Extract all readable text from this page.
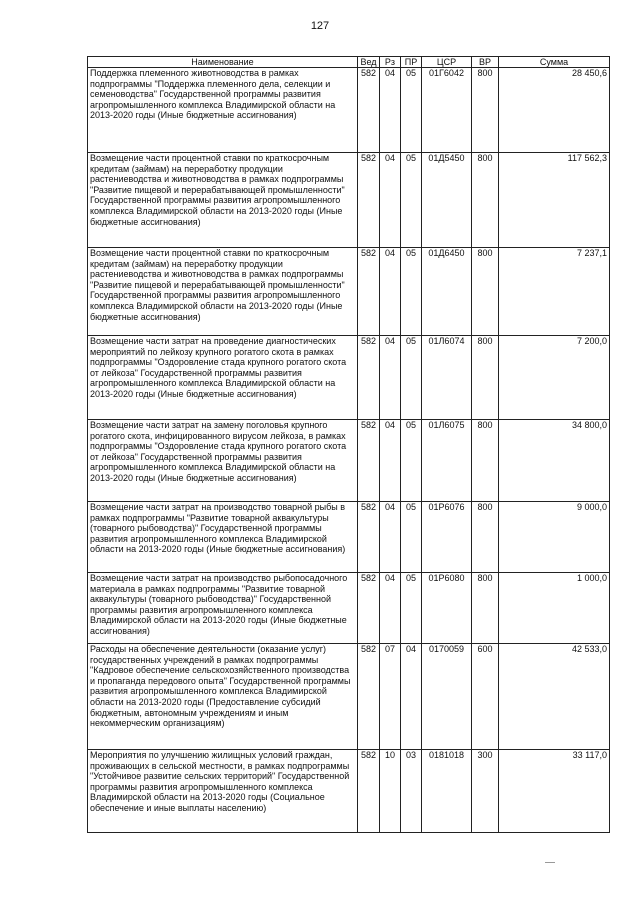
127
Наименование	Вед	Рз	ПР	ЦСР	ВР	Сумма
Поддержка племенного животноводства в рамках подпрограммы "Поддержка племенного дела, селекции и семеноводства" Государственной программы развития агропромышленного комплекса Владимирской области на 2013-2020 годы (Иные бюджетные ассигнования)	582	04	05	01Г6042	800	28 450,6
Возмещение части процентной ставки по краткосрочным кредитам (займам) на переработку продукции растениеводства и животноводства в рамках подпрограммы "Развитие пищевой и перерабатывающей промышленности" Государственной программы развития агропромышленного комплекса Владимирской области на 2013-2020 годы (Иные бюджетные ассигнования)	582	04	05	01Д5450	800	117 562,3
Возмещение части процентной ставки по краткосрочным кредитам (займам) на переработку продукции растениеводства и животноводства в рамках подпрограммы "Развитие пищевой и перерабатывающей промышленности" Государственной программы развития агропромышленного комплекса Владимирской области на 2013-2020 годы (Иные бюджетные ассигнования)	582	04	05	01Д6450	800	7 237,1
Возмещение части затрат на проведение диагностических мероприятий по лейкозу крупного рогатого скота в рамках подпрограммы "Оздоровление стада крупного рогатого скота от лейкоза" Государственной программы развития агропромышленного комплекса Владимирской области на 2013-2020 годы (Иные бюджетные ассигнования)	582	04	05	01Л6074	800	7 200,0
Возмещение части затрат на замену поголовья крупного рогатого скота, инфицированного вирусом лейкоза, в рамках подпрограммы "Оздоровление стада крупного рогатого скота от лейкоза" Государственной программы развития агропромышленного комплекса Владимирской области на 2013-2020 годы (Иные бюджетные ассигнования)	582	04	05	01Л6075	800	34 800,0
Возмещение части затрат на производство товарной рыбы в рамках подпрограммы "Развитие товарной аквакультуры (товарного рыбоводства)" Государственной программы развития агропромышленного комплекса Владимирской области на 2013-2020 годы (Иные бюджетные ассигнования)	582	04	05	01Р6076	800	9 000,0
Возмещение части затрат на производство рыбопосадочного материала в рамках подпрограммы "Развитие товарной аквакультуры (товарного рыбоводства)" Государственной программы развития агропромышленного комплекса Владимирской области на 2013-2020 годы (Иные бюджетные ассигнования)	582	04	05	01Р6080	800	1 000,0
Расходы на обеспечение деятельности (оказание услуг) государственных учреждений в рамках подпрограммы "Кадровое обеспечение сельскохозяйственного производства и пропаганда передового опыта" Государственной программы развития агропромышленного комплекса Владимирской области на 2013-2020 годы (Предоставление субсидий бюджетным, автономным учреждениям и иным некоммерческим организациям)	582	07	04	0170059	600	42 533,0
Мероприятия по улучшению жилищных условий граждан, проживающих в сельской местности, в рамках подпрограммы "Устойчивое развитие сельских территорий" Государственной программы развития агропромышленного комплекса Владимирской области на 2013-2020 годы (Социальное обеспечение и иные выплаты населению)	582	10	03	0181018	300	33 117,0
